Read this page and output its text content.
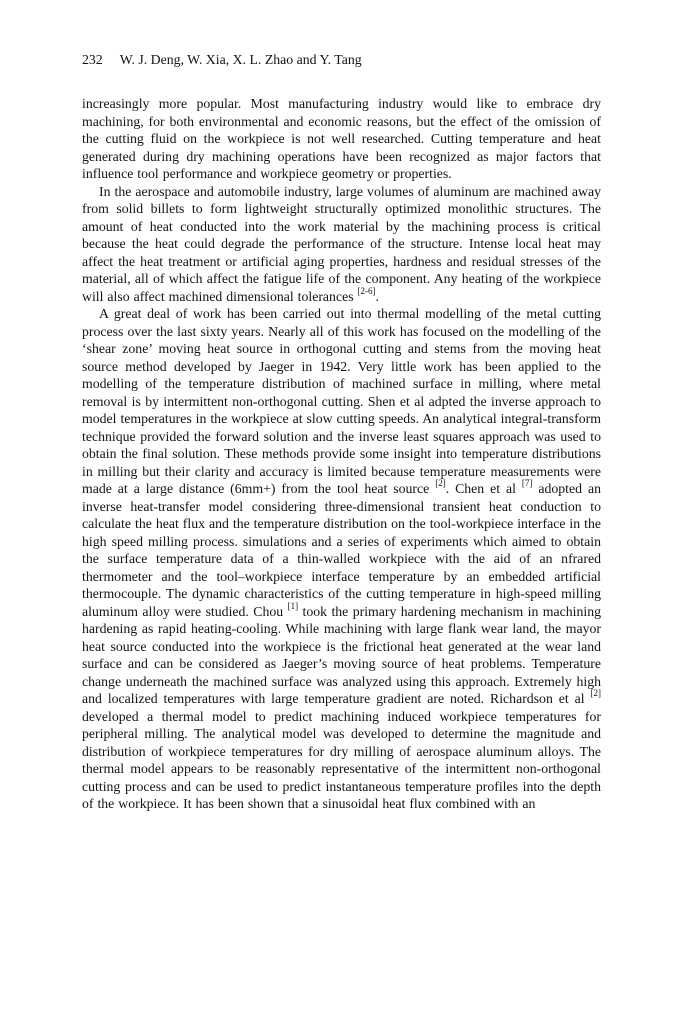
232 W. J. Deng, W. Xia, X. L. Zhao and Y. Tang

increasingly more popular. Most manufacturing industry would like to embrace dry machining, for both environmental and economic reasons, but the effect of the omission of the cutting fluid on the workpiece is not well researched. Cutting temperature and heat generated during dry machining operations have been recognized as major factors that influence tool performance and workpiece geometry or properties.

In the aerospace and automobile industry, large volumes of aluminum are machined away from solid billets to form lightweight structurally optimized monolithic structures. The amount of heat conducted into the work material by the machining process is critical because the heat could degrade the performance of the structure. Intense local heat may affect the heat treatment or artificial aging properties, hardness and residual stresses of the material, all of which affect the fatigue life of the component. Any heating of the workpiece will also affect machined dimensional tolerances [2-6].

A great deal of work has been carried out into thermal modelling of the metal cutting process over the last sixty years. Nearly all of this work has focused on the modelling of the ‘shear zone’ moving heat source in orthogonal cutting and stems from the moving heat source method developed by Jaeger in 1942. Very little work has been applied to the modelling of the temperature distribution of machined surface in milling, where metal removal is by intermittent non-orthogonal cutting. Shen et al adpted the inverse approach to model temperatures in the workpiece at slow cutting speeds. An analytical integral-transform technique provided the forward solution and the inverse least squares approach was used to obtain the final solution. These methods provide some insight into temperature distributions in milling but their clarity and accuracy is limited because temperature measurements were made at a large distance (6mm+) from the tool heat source [2]. Chen et al [7] adopted an inverse heat-transfer model considering three-dimensional transient heat conduction to calculate the heat flux and the temperature distribution on the tool-workpiece interface in the high speed milling process. simulations and a series of experiments which aimed to obtain the surface temperature data of a thin-walled workpiece with the aid of an nfrared thermometer and the tool–workpiece interface temperature by an embedded artificial thermocouple. The dynamic characteristics of the cutting temperature in high-speed milling aluminum alloy were studied. Chou [1] took the primary hardening mechanism in machining hardening as rapid heating-cooling. While machining with large flank wear land, the mayor heat source conducted into the workpiece is the frictional heat generated at the wear land surface and can be considered as Jaeger’s moving source of heat problems. Temperature change underneath the machined surface was analyzed using this approach. Extremely high and localized temperatures with large temperature gradient are noted. Richardson et al [2] developed a thermal model to predict machining induced workpiece temperatures for peripheral milling. The analytical model was developed to determine the magnitude and distribution of workpiece temperatures for dry milling of aerospace aluminum alloys. The thermal model appears to be reasonably representative of the intermittent non-orthogonal cutting process and can be used to predict instantaneous temperature profiles into the depth of the workpiece. It has been shown that a sinusoidal heat flux combined with an
